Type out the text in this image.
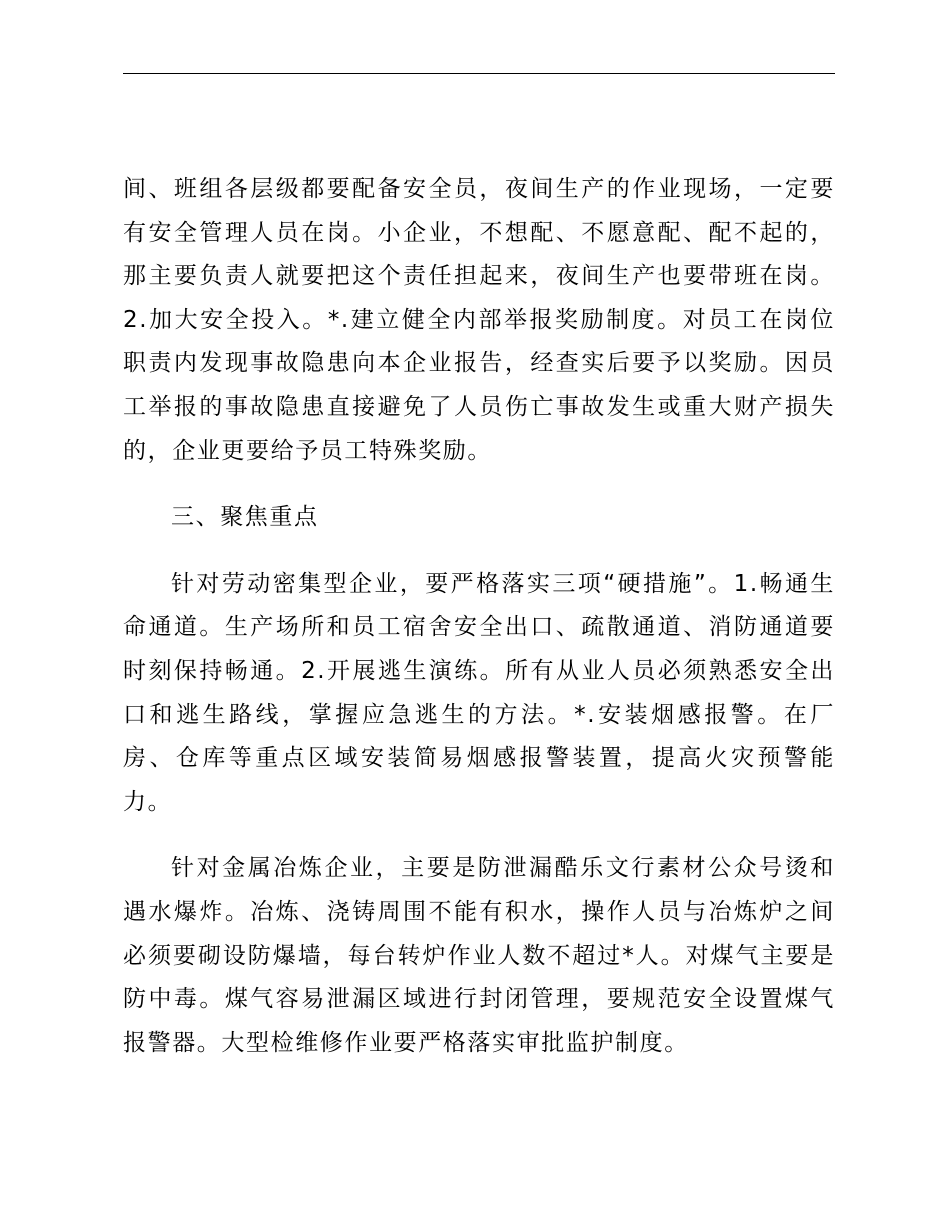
间、班组各层级都要配备安全员，夜间生产的作业现场，一定要
有安全管理人员在岗。小企业，不想配、不愿意配、配不起的，
那主要负责人就要把这个责任担起来，夜间生产也要带班在岗。
2.加大安全投入。*.建立健全内部举报奖励制度。对员工在岗位
职责内发现事故隐患向本企业报告，经查实后要予以奖励。因员
工举报的事故隐患直接避免了人员伤亡事故发生或重大财产损失
的，企业更要给予员工特殊奖励。
三、聚焦重点
针对劳动密集型企业，要严格落实三项“硬措施”。1.畅通生
命通道。生产场所和员工宿舍安全出口、疏散通道、消防通道要
时刻保持畅通。2.开展逃生演练。所有从业人员必须熟悉安全出
口和逃生路线，掌握应急逃生的方法。*.安装烟感报警。在厂
房、仓库等重点区域安装简易烟感报警装置，提高火灾预警能
力。
针对金属冶炼企业，主要是防泄漏酷乐文行素材公众号烫和
遇水爆炸。冶炼、浇铸周围不能有积水，操作人员与冶炼炉之间
必须要砌设防爆墙，每台转炉作业人数不超过*人。对煤气主要是
防中毒。煤气容易泄漏区域进行封闭管理，要规范安全设置煤气
报警器。大型检维修作业要严格落实审批监护制度。
